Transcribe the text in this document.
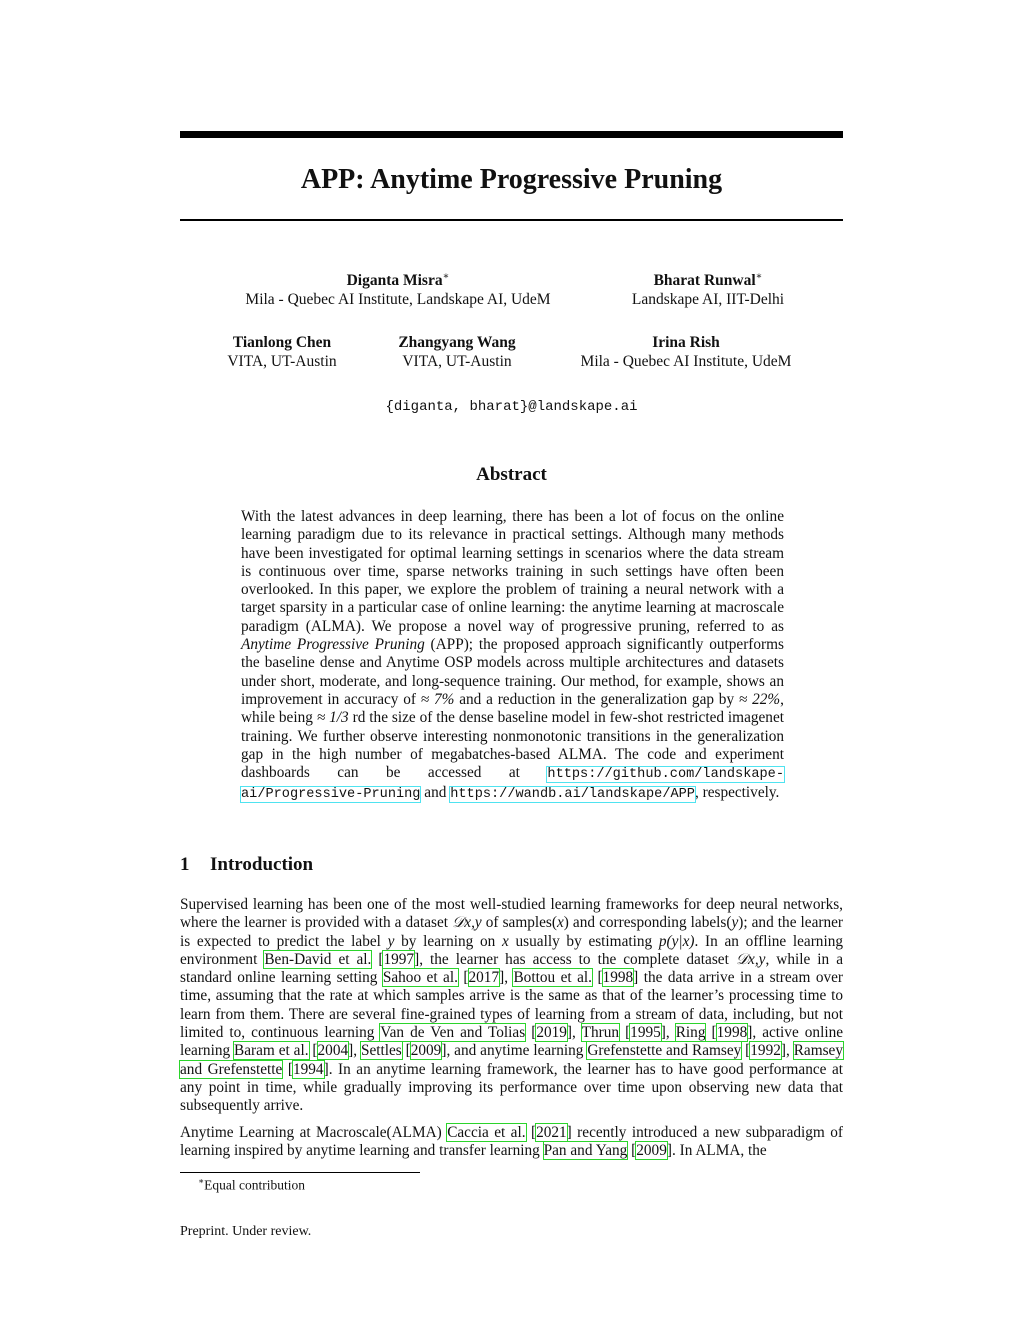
APP: Anytime Progressive Pruning
Diganta Misra∗
Mila - Quebec AI Institute, Landskape AI, UdeM
Bharat Runwal∗
Landskape AI, IIT-Delhi
Tianlong Chen
VITA, UT-Austin
Zhangyang Wang
VITA, UT-Austin
Irina Rish
Mila - Quebec AI Institute, UdeM
{diganta, bharat}@landskape.ai
Abstract
With the latest advances in deep learning, there has been a lot of focus on the online learning paradigm due to its relevance in practical settings. Although many methods have been investigated for optimal learning settings in scenarios where the data stream is continuous over time, sparse networks training in such settings have often been overlooked. In this paper, we explore the problem of training a neural network with a target sparsity in a particular case of online learning: the anytime learning at macroscale paradigm (ALMA). We propose a novel way of progressive pruning, referred to as Anytime Progressive Pruning (APP); the proposed approach significantly outperforms the baseline dense and Anytime OSP models across multiple architectures and datasets under short, moderate, and long-sequence training. Our method, for example, shows an improvement in accuracy of ≈ 7% and a reduction in the generalization gap by ≈ 22%, while being ≈ 1/3 rd the size of the dense baseline model in few-shot restricted imagenet training. We further observe interesting nonmonotonic transitions in the generalization gap in the high number of megabatches-based ALMA. The code and experiment dashboards can be accessed at https://github.com/landskape-ai/Progressive-Pruning and https://wandb.ai/landskape/APP, respectively.
1 Introduction

Supervised learning has been one of the most well-studied learning frameworks for deep neural networks, where the learner is provided with a dataset 𝒟x,y of samples(x) and corresponding labels(y); and the learner is expected to predict the label y by learning on x usually by estimating p(y|x). In an offline learning environment Ben-David et al. [1997], the learner has access to the complete dataset 𝒟x,y, while in a standard online learning setting Sahoo et al. [2017], Bottou et al. [1998] the data arrive in a stream over time, assuming that the rate at which samples arrive is the same as that of the learner’s processing time to learn from them. There are several fine-grained types of learning from a stream of data, including, but not limited to, continuous learning Van de Ven and Tolias [2019], Thrun [1995], Ring [1998], active online learning Baram et al. [2004], Settles [2009], and anytime learning Grefenstette and Ramsey [1992], Ramsey and Grefenstette [1994]. In an anytime learning framework, the learner has to have good performance at any point in time, while gradually improving its performance over time upon observing new data that subsequently arrive.

Anytime Learning at Macroscale(ALMA) Caccia et al. [2021] recently introduced a new subparadigm of learning inspired by anytime learning and transfer learning Pan and Yang [2009]. In ALMA, the

∗Equal contribution
Preprint. Under review.
